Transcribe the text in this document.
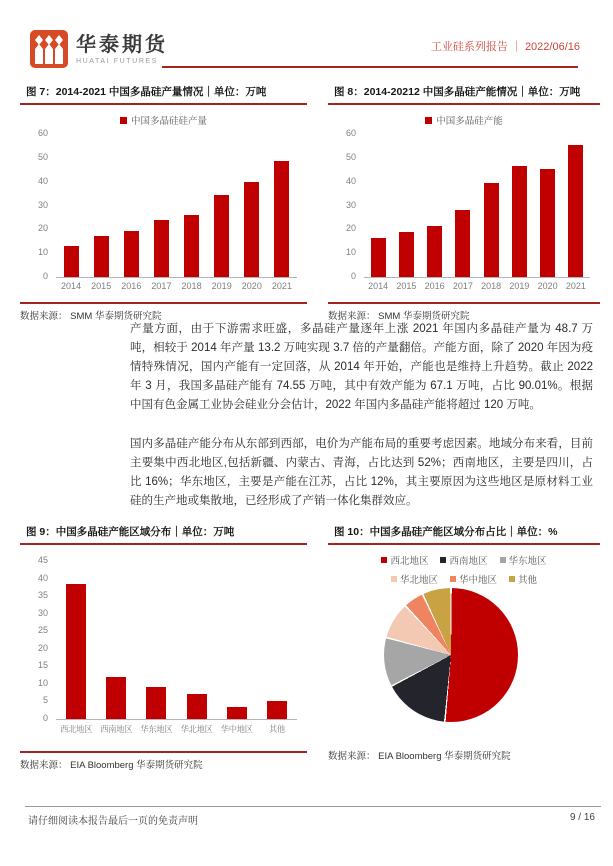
华泰期货
HUATAI FUTURES
工业硅系列报告 ｜ 2022/06/16
图 7：2014-2021 中国多晶硅产量情况｜单位：万吨
中国多晶硅硅产量
0
10
20
30
40
50
60
2014	2015	2016	2017	2018	2019	2020	2021
数据来源： SMM 华泰期货研究院
图 8：2014-20212 中国多晶硅产能情况｜单位：万吨
中国多晶硅产能
0
10
20
30
40
50
60
2014 2015 2016 2017 2018 2019 2020 2021
数据来源： SMM 华泰期货研究院

产量方面，由于下游需求旺盛，多晶硅产量逐年上涨 2021 年国内多晶硅产量为 48.7 万吨，相较于 2014 年产量 13.2 万吨实现 3.7 倍的产量翻倍。产能方面，除了 2020 年因为疫情特殊情况，国内产能有一定回落，从 2014 年开始，产能也是维持上升趋势。截止 2022 年 3 月，我国多晶硅产能有 74.55 万吨，其中有效产能为 67.1 万吨，占比 90.01%。根据中国有色金属工业协会硅业分会估计，2022 年国内多晶硅产能将超过 120 万吨。

国内多晶硅产能分布从东部到西部，电价为产能布局的重要考虑因素。地域分布来看，目前主要集中西北地区,包括新疆、内蒙古、青海，占比达到 52%；西南地区，主要是四川，占比 16%；华东地区，主要是产能在江苏，占比 12%，其主要原因为这些地区是原材料工业硅的生产地或集散地，已经形成了产销一体化集群效应。

图 9：中国多晶硅产能区域分布｜单位：万吨
0
5
10
15
20
25
30
35
40
45
西北地区 西南地区 华东地区 华北地区 华中地区	其他
数据来源： EIA Bloomberg 华泰期货研究院
图 10：中国多晶硅产能区域分布占比｜单位：%
西北地区 西南地区 华东地区
华北地区 华中地区 其他
数据来源： EIA Bloomberg 华泰期货研究院
请仔细阅读本报告最后一页的免责声明	9 / 16
